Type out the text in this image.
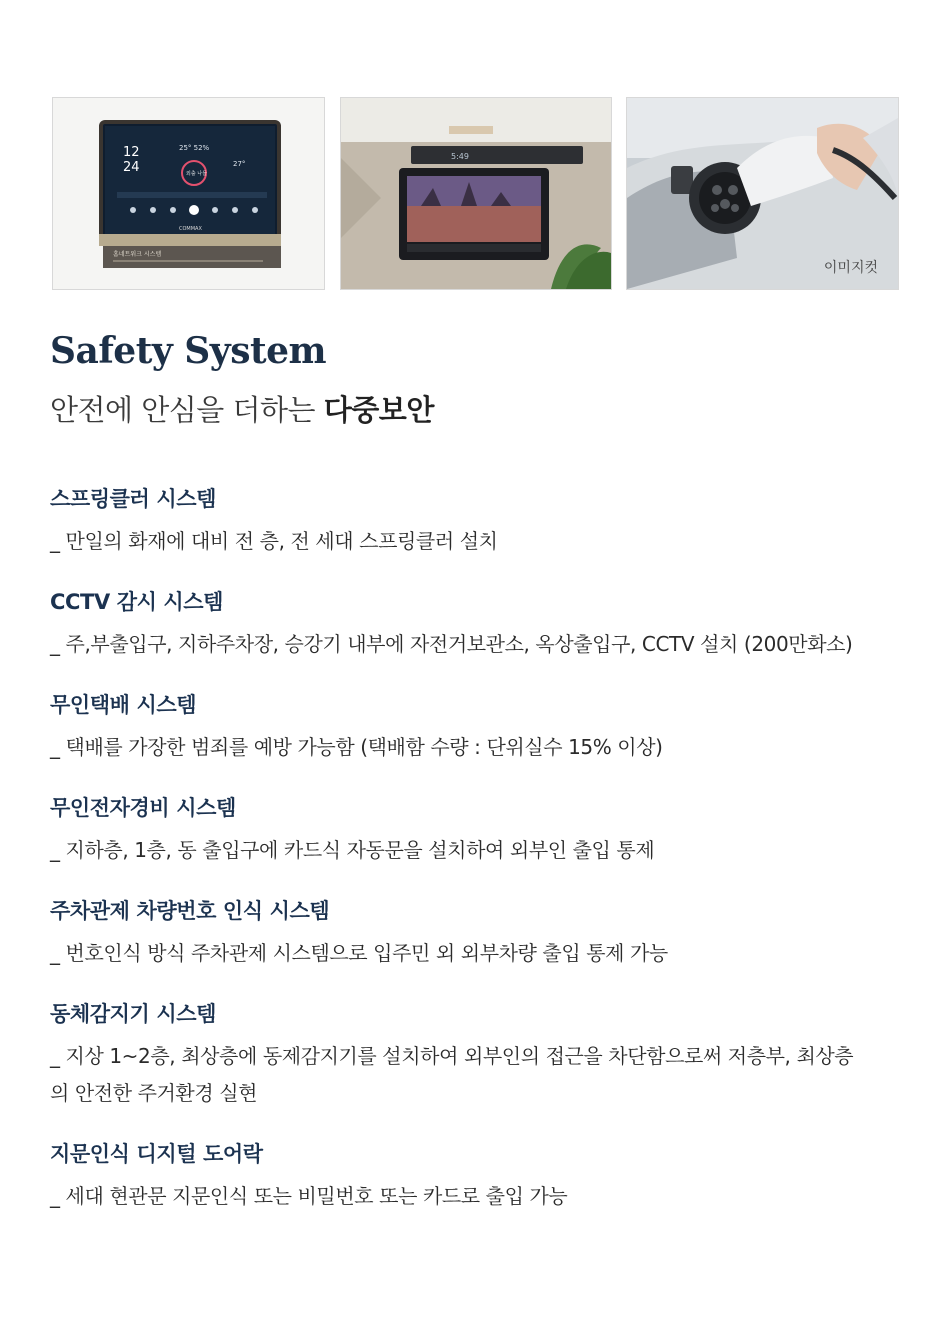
12
24
25° 52%
27°
외출 나들
COMMAX
홈네트워크 시스템
5:49
이미지컷
Safety System
안전에 안심을 더하는 다중보안
스프링클러 시스템

_ 만일의 화재에 대비 전 층, 전 세대 스프링클러 설치

CCTV 감시 시스템

_ 주,부출입구, 지하주차장, 승강기 내부에 자전거보관소, 옥상출입구, CCTV 설치 (200만화소)

무인택배 시스템

_ 택배를 가장한 범죄를 예방 가능함 (택배함 수량 : 단위실수 15% 이상)

무인전자경비 시스템

_ 지하층, 1층, 동 출입구에 카드식 자동문을 설치하여 외부인 출입 통제

주차관제 차량번호 인식 시스템

_ 번호인식 방식 주차관제 시스템으로 입주민 외 외부차량 출입 통제 가능

동체감지기 시스템

_ 지상 1~2층, 최상층에 동제감지기를 설치하여 외부인의 접근을 차단함으로써 저층부, 최상층의 안전한 주거환경 실현

지문인식 디지털 도어락

_ 세대 현관문 지문인식 또는 비밀번호 또는 카드로 출입 가능
